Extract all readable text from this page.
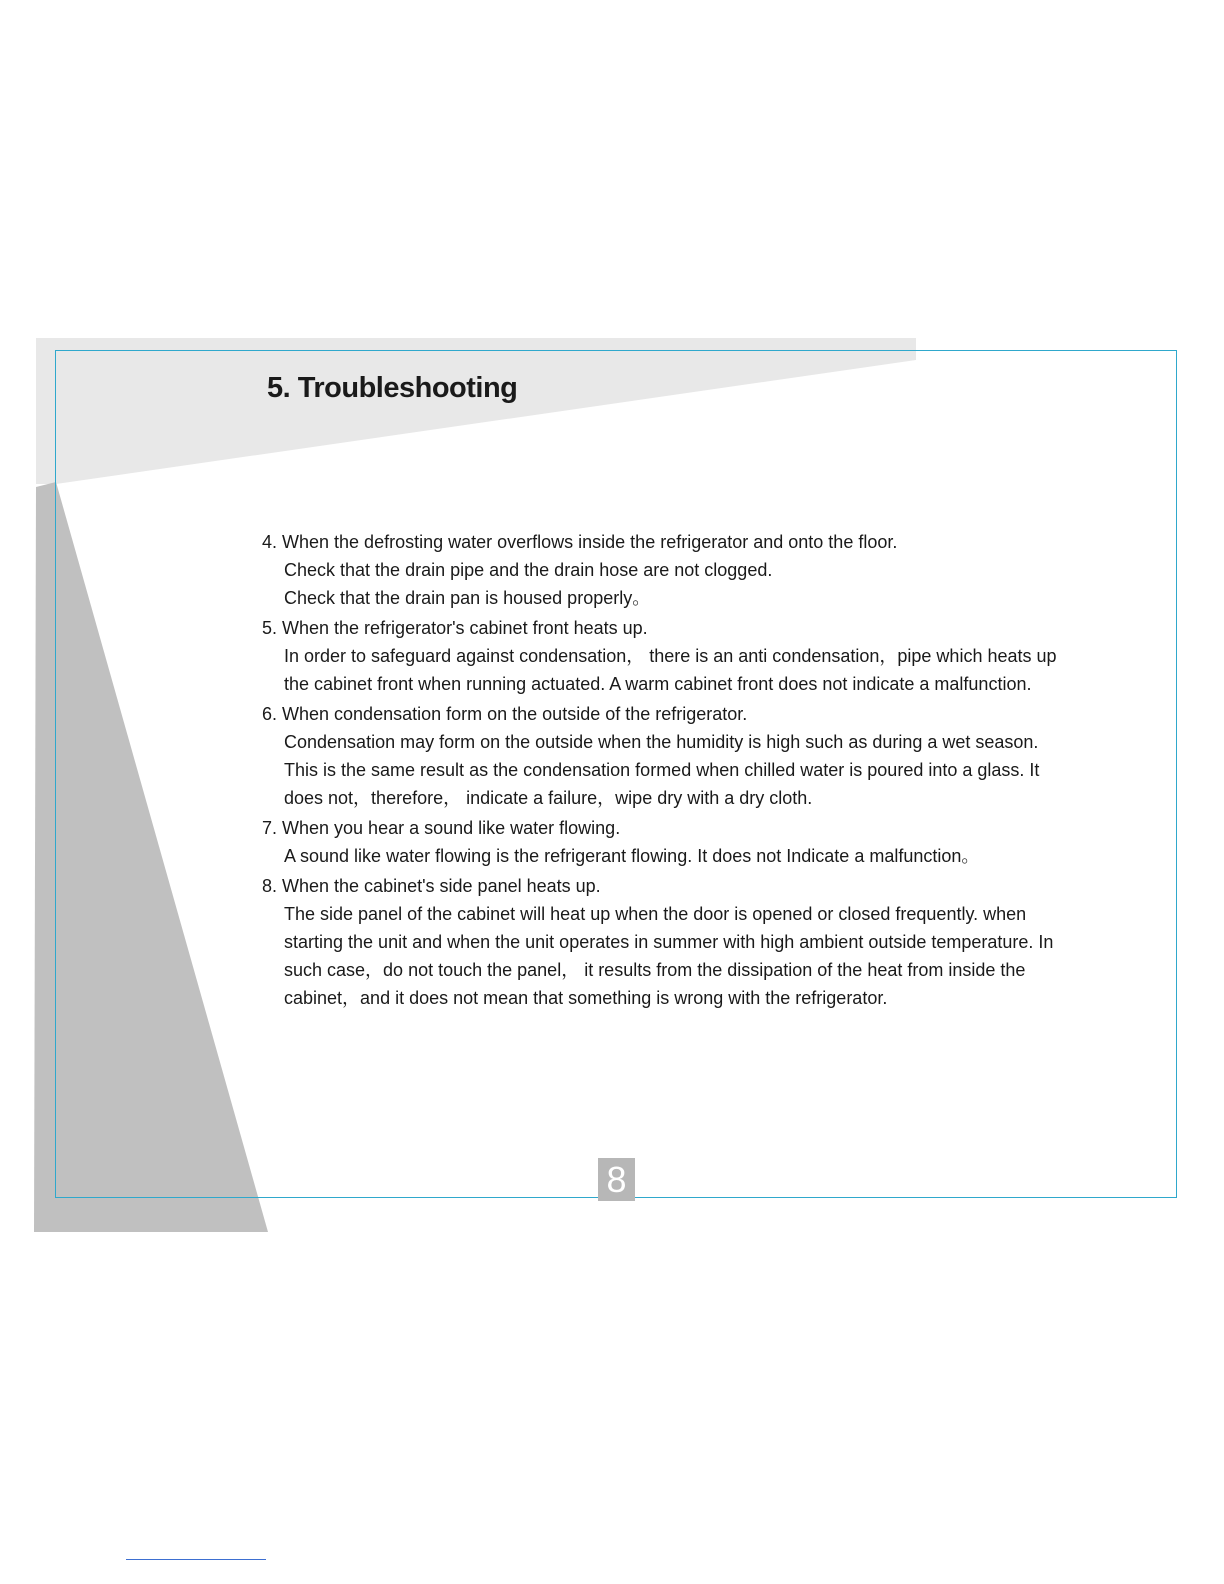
5. Troubleshooting
4. When the defrosting water overflows inside the refrigerator and onto the floor.
Check that the drain pipe and the drain hose are not clogged.
Check that the drain pan is housed properly。
5. When the refrigerator's cabinet front heats up.
In order to safeguard against condensation， there is an anti condensation，pipe which heats up the cabinet front when running actuated. A warm cabinet front does not indicate a malfunction.
6. When condensation form on the outside of the refrigerator.
Condensation may form on the outside when the humidity is high such as during a wet season. This is the same result as the condensation formed when chilled water is poured into a glass. It does not，therefore， indicate a failure，wipe dry with a dry cloth.
7. When you hear a sound like water flowing.
A sound like water flowing is the refrigerant flowing. It does not Indicate a malfunction。
8. When the cabinet's side panel heats up.
The side panel of the cabinet will heat up when the door is opened or closed frequently. when starting the unit and when the unit operates in summer with high ambient outside temperature. In such case，do not touch the panel， it results from the dissipation of the heat from inside the cabinet，and it does not mean that something is wrong with the refrigerator.
8
